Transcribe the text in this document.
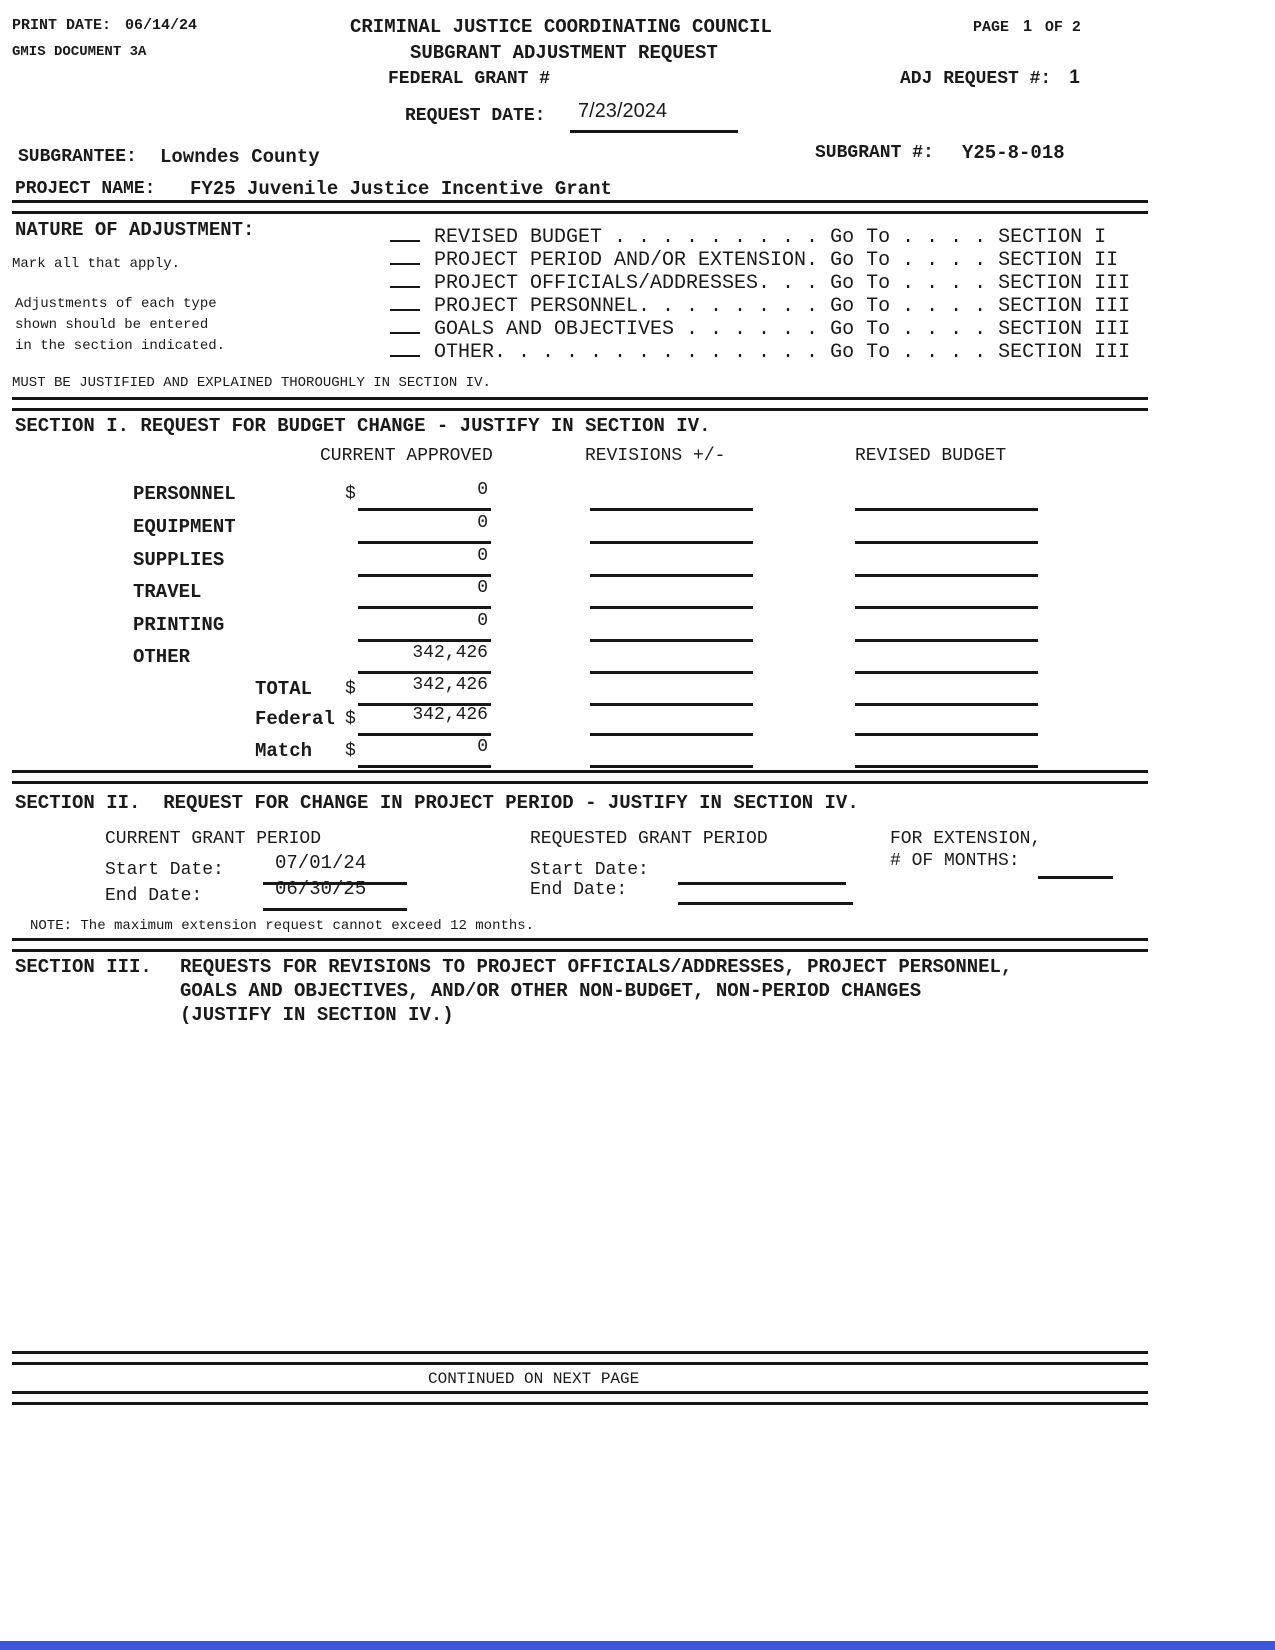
PRINT DATE: 06/14/24
GMIS DOCUMENT 3A
CRIMINAL JUSTICE COORDINATING COUNCIL
SUBGRANT ADJUSTMENT REQUEST
FEDERAL GRANT #
PAGE 1 OF 2
ADJ REQUEST #: 1
REQUEST DATE:	7/23/2024
SUBGRANTEE: Lowndes County	SUBGRANT #: Y25-8-018
PROJECT NAME: FY25 Juvenile Justice Incentive Grant
NATURE OF ADJUSTMENT:
Mark all that apply.
Adjustments of each type
shown should be entered
in the section indicated.
REVISED BUDGET . . . . . . . . . Go To . . . . SECTION I
PROJECT PERIOD AND/OR EXTENSION. Go To . . . . SECTION II
PROJECT OFFICIALS/ADDRESSES. . . Go To . . . . SECTION III
PROJECT PERSONNEL. . . . . . . . Go To . . . . SECTION III
GOALS AND OBJECTIVES . . . . . . Go To . . . . SECTION III
OTHER. . . . . . . . . . . . . . Go To . . . . SECTION III
MUST BE JUSTIFIED AND EXPLAINED THOROUGHLY IN SECTION IV.
SECTION I. REQUEST FOR BUDGET CHANGE - JUSTIFY IN SECTION IV.
CURRENT APPROVED	REVISIONS +/-	REVISED BUDGET
PERSONNEL	$	0
EQUIPMENT	0
SUPPLIES	0
TRAVEL	0
PRINTING	0
OTHER	342,426
TOTAL $	342,426
Federal $	342,426
Match $	0
SECTION II.  REQUEST FOR CHANGE IN PROJECT PERIOD - JUSTIFY IN SECTION IV.
CURRENT GRANT PERIOD	REQUESTED GRANT PERIOD	FOR EXTENSION,
# OF MONTHS:
Start Date:	07/01/24	Start Date:
End Date:	06/30/25	End Date:
NOTE: The maximum extension request cannot exceed 12 months.
SECTION III. REQUESTS FOR REVISIONS TO PROJECT OFFICIALS/ADDRESSES, PROJECT PERSONNEL,
GOALS AND OBJECTIVES, AND/OR OTHER NON-BUDGET, NON-PERIOD CHANGES
(JUSTIFY IN SECTION IV.)
CONTINUED ON NEXT PAGE
